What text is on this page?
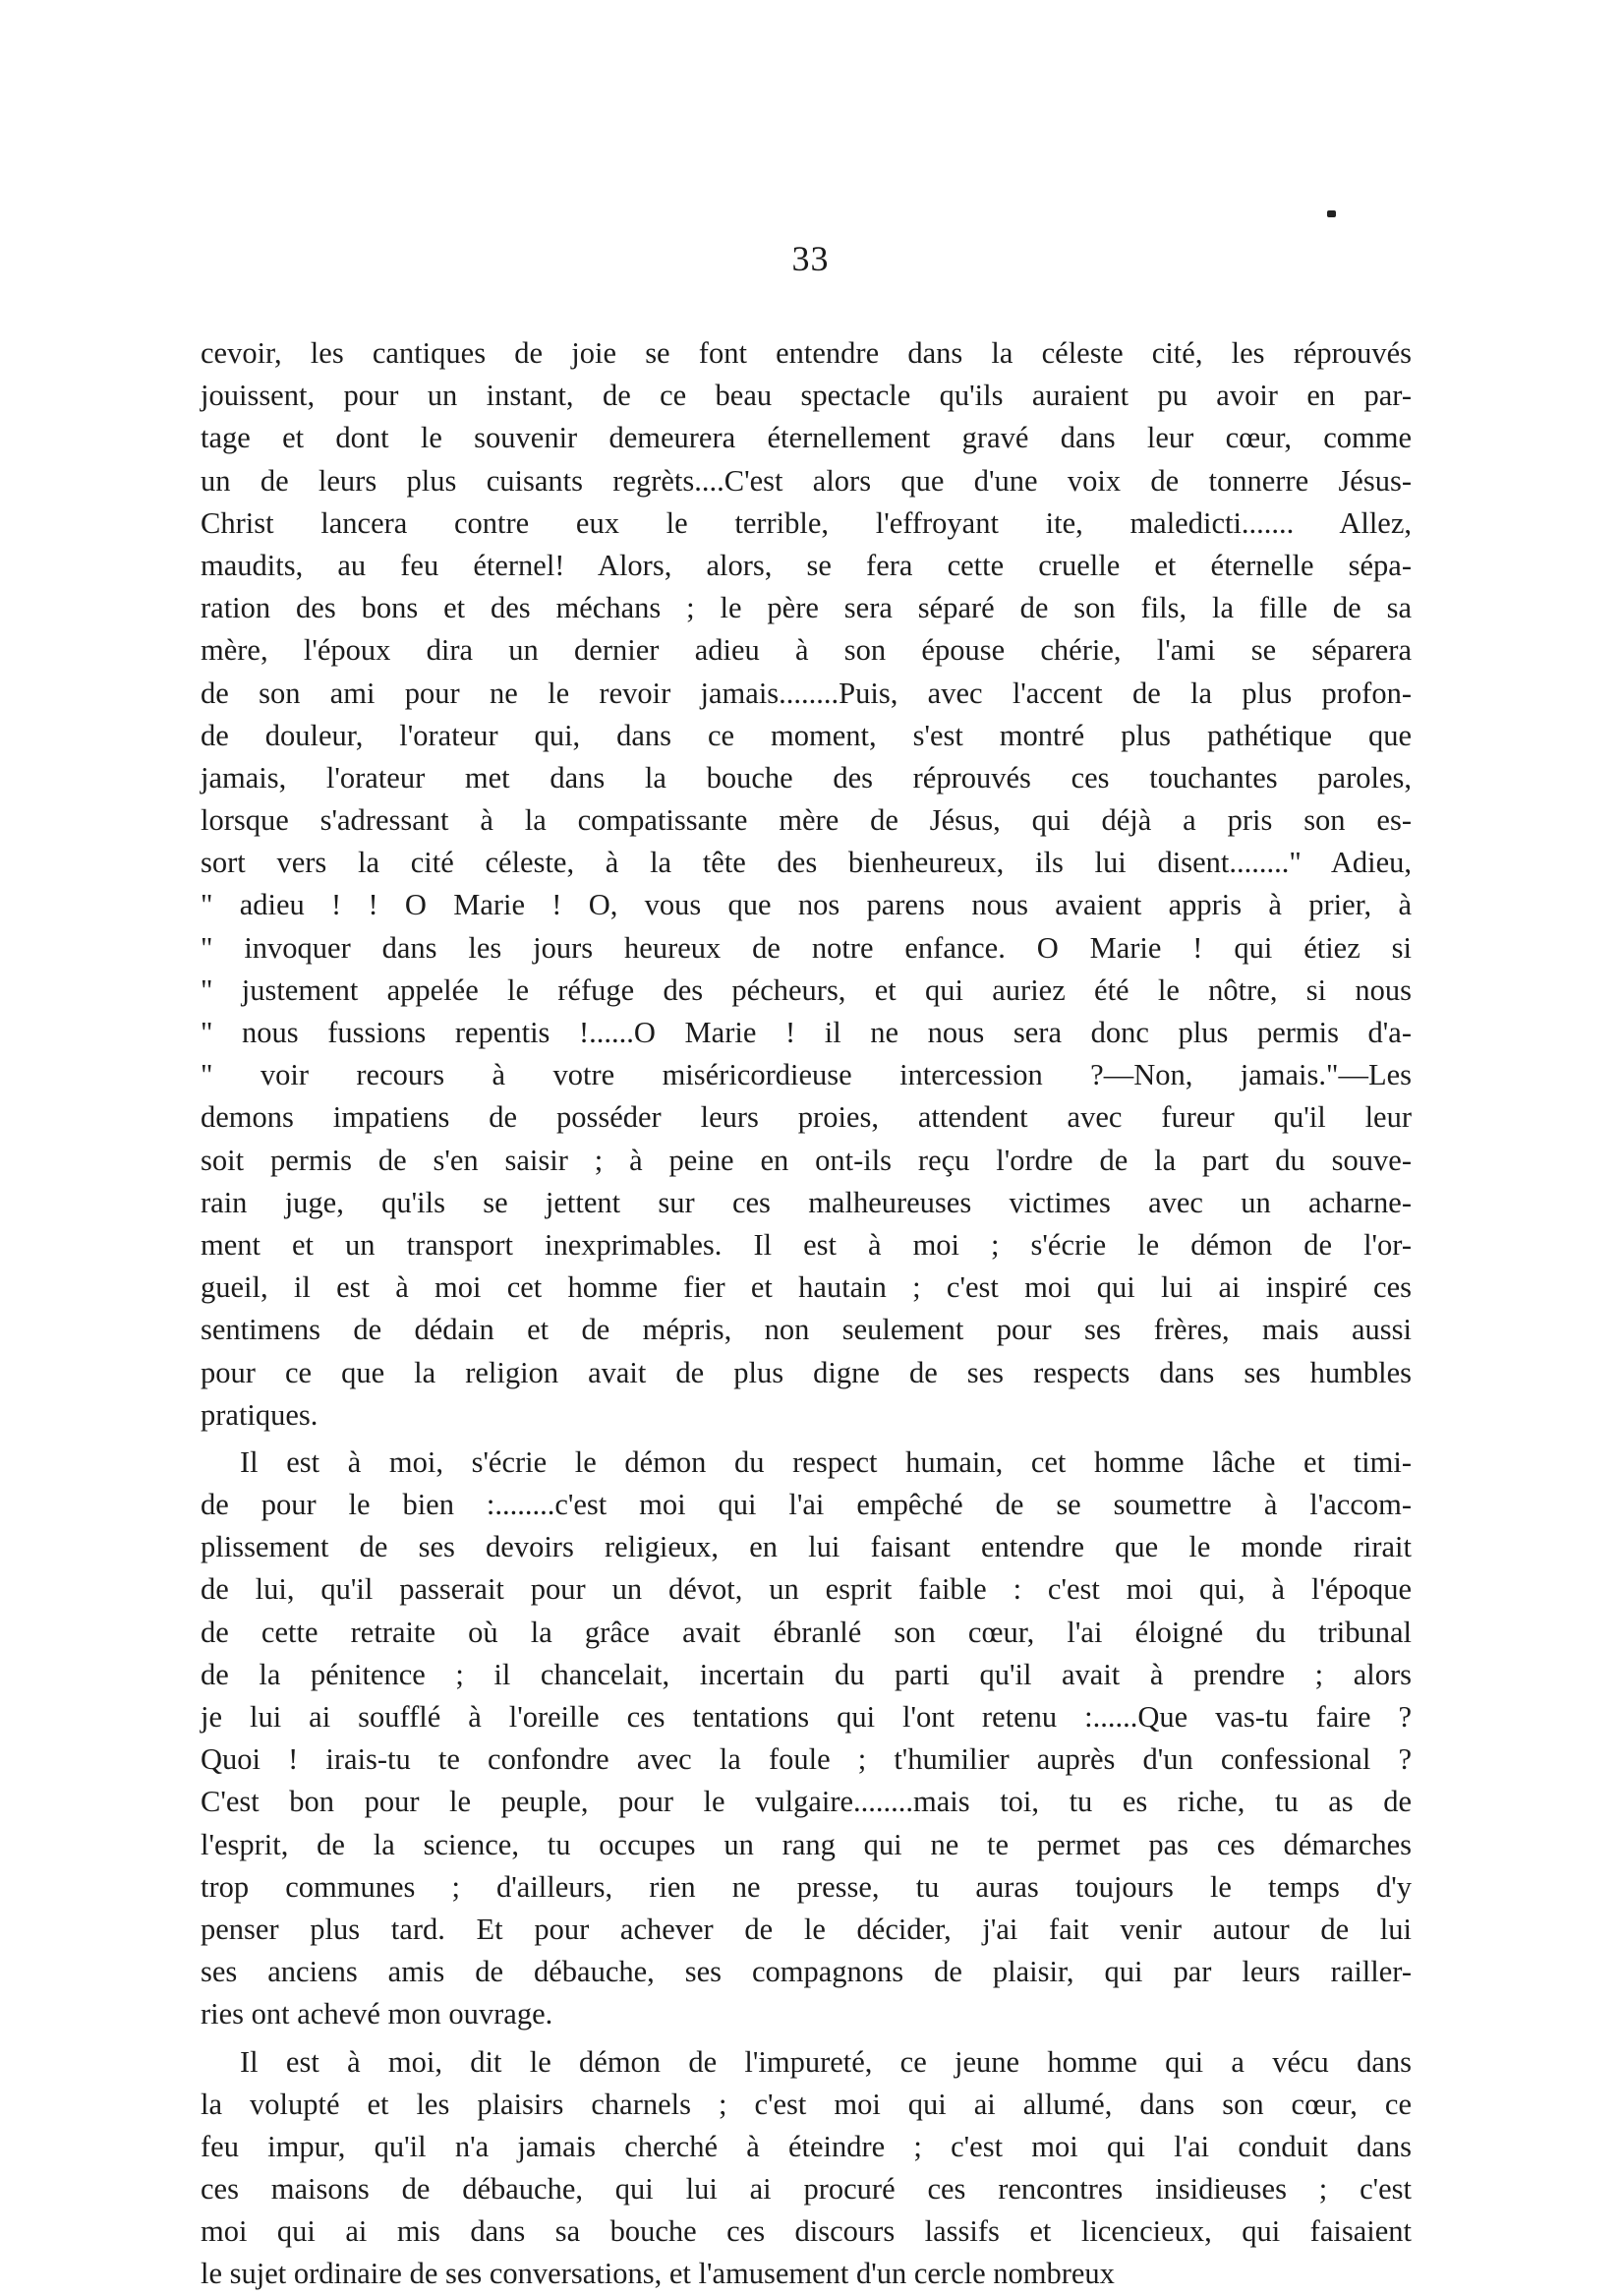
33
cevoir, les cantiques de joie se font entendre dans la céleste cité, les réprouvés
jouissent, pour un instant, de ce beau spectacle qu'ils auraient pu avoir en par-
tage et dont le souvenir demeurera éternellement gravé dans leur cœur, comme
un de leurs plus cuisants regrèts....C'est alors que d'une voix de tonnerre Jésus-
Christ lancera contre eux le terrible, l'effroyant ite, maledicti....... Allez,
maudits, au feu éternel! Alors, alors, se fera cette cruelle et éternelle sépa-
ration des bons et des méchans ; le père sera séparé de son fils, la fille de sa
mère, l'époux dira un dernier adieu à son épouse chérie, l'ami se séparera
de son ami pour ne le revoir jamais........Puis, avec l'accent de la plus profon-
de douleur, l'orateur qui, dans ce moment, s'est montré plus pathétique que
jamais, l'orateur met dans la bouche des réprouvés ces touchantes paroles,
lorsque s'adressant à la compatissante mère de Jésus, qui déjà a pris son es-
sort vers la cité céleste, à la tête des bienheureux, ils lui disent........" Adieu,
" adieu ! ! O Marie ! O, vous que nos parens nous avaient appris à prier, à
" invoquer dans les jours heureux de notre enfance. O Marie ! qui étiez si
" justement appelée le réfuge des pécheurs, et qui auriez été le nôtre, si nous
" nous fussions repentis !......O Marie ! il ne nous sera donc plus permis d'a-
" voir recours à votre miséricordieuse intercession ?—Non, jamais."—Les
demons impatiens de posséder leurs proies, attendent avec fureur qu'il leur
soit permis de s'en saisir ; à peine en ont-ils reçu l'ordre de la part du souve-
rain juge, qu'ils se jettent sur ces malheureuses victimes avec un acharne-
ment et un transport inexprimables. Il est à moi ; s'écrie le démon de l'or-
gueil, il est à moi cet homme fier et hautain ; c'est moi qui lui ai inspiré ces
sentimens de dédain et de mépris, non seulement pour ses frères, mais aussi
pour ce que la religion avait de plus digne de ses respects dans ses humbles
pratiques.
Il est à moi, s'écrie le démon du respect humain, cet homme lâche et timi-
de pour le bien :........c'est moi qui l'ai empêché de se soumettre à l'accom-
plissement de ses devoirs religieux, en lui faisant entendre que le monde rirait
de lui, qu'il passerait pour un dévot, un esprit faible : c'est moi qui, à l'époque
de cette retraite où la grâce avait ébranlé son cœur, l'ai éloigné du tribunal
de la pénitence ; il chancelait, incertain du parti qu'il avait à prendre ; alors
je lui ai soufflé à l'oreille ces tentations qui l'ont retenu :......Que vas-tu faire ?
Quoi ! irais-tu te confondre avec la foule ; t'humilier auprès d'un confessional ?
C'est bon pour le peuple, pour le vulgaire........mais toi, tu es riche, tu as de
l'esprit, de la science, tu occupes un rang qui ne te permet pas ces démarches
trop communes ; d'ailleurs, rien ne presse, tu auras toujours le temps d'y
penser plus tard. Et pour achever de le décider, j'ai fait venir autour de lui
ses anciens amis de débauche, ses compagnons de plaisir, qui par leurs railler-
ries ont achevé mon ouvrage.
Il est à moi, dit le démon de l'impureté, ce jeune homme qui a vécu dans
la volupté et les plaisirs charnels ; c'est moi qui ai allumé, dans son cœur, ce
feu impur, qu'il n'a jamais cherché à éteindre ; c'est moi qui l'ai conduit dans
ces maisons de débauche, qui lui ai procuré ces rencontres insidieuses ; c'est
moi qui ai mis dans sa bouche ces discours lassifs et licencieux, qui faisaient
le sujet ordinaire de ses conversations, et l'amusement d'un cercle nombreux
